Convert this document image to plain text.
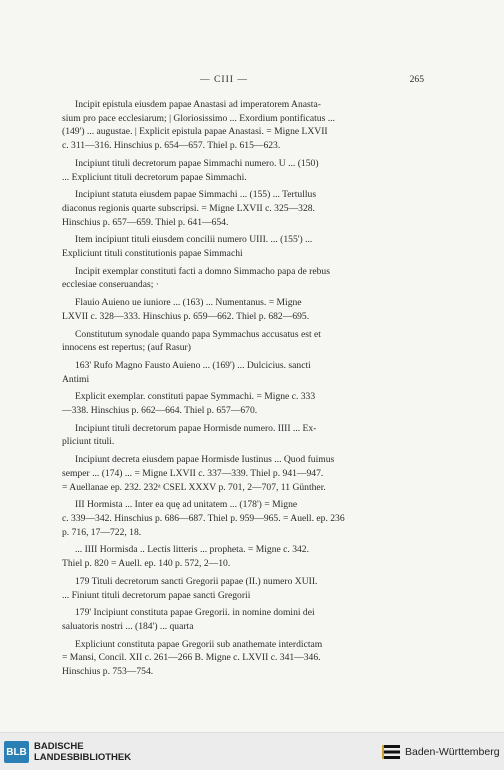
— CIII —	265

Incipit epistula eiusdem papae Anastasi ad imperatorem Anasta-
sium pro pace ecclesiarum; | Gloriosissimo ... Exordium pontificatus ...
(149') ... augustae. | Explicit epistula papae Anastasi. = Migne LXVII
c. 311—316. Hinschius p. 654—657. Thiel p. 615—623.

Incipiunt tituli decretorum papae Simmachi numero. U ... (150)
... Expliciunt tituli decretorum papae Simmachi.

Incipiunt statuta eiusdem papae Simmachi ... (155) ... Tertullus
diaconus regionis quarte subscripsi. = Migne LXVII c. 325—328.
Hinschius p. 657—659. Thiel p. 641—654.

Item incipiunt tituli eiusdem concilii numero UIII. ... (155') ...
Expliciunt tituli constitutionis papae Simmachi

Incipit exemplar constituti facti a domno Simmacho papa de rebus
ecclesiae conseruandas; ·

Flauio Auieno ue iuniore ... (163) ... Numentanus. = Migne
LXVII c. 328—333. Hinschius p. 659—662. Thiel p. 682—695.

Constitutum synodale quando papa Symmachus accusatus est et
innocens est repertus; (auf Rasur)

163' Rufo Magno Fausto Auieno ... (169') ... Dulcicius. sancti
Antimi

Explicit exemplar. constituti papae Symmachi. = Migne c. 333
—338. Hinschius p. 662—664. Thiel p. 657—670.

Incipiunt tituli decretorum papae Hormisde numero. IIII ... Ex-
pliciunt tituli.

Incipiunt decreta eiusdem papae Hormisde Iustinus ... Quod fuimus
semper ... (174) ... = Migne LXVII c. 337—339. Thiel p. 941—947.
= Auellanae ep. 232. 232ᵃ CSEL XXXV p. 701, 2—707, 11 Günther.

III Hormista ... Inter ea quę ad unitatem ... (178') = Migne
c. 339—342. Hinschius p. 686—687. Thiel p. 959—965. = Auell. ep. 236
p. 716, 17—722, 18.

... IIII Hormisda .. Lectis litteris ... propheta. = Migne c. 342.
Thiel p. 820 = Auell. ep. 140 p. 572, 2—10.

179 Tituli decretorum sancti Gregorii papae (II.) numero XUII.
... Finiunt tituli decretorum papae sancti Gregorii

179' Incipiunt constituta papae Gregorii. in nomine domini dei
saluatoris nostri ... (184') ... quarta

Expliciunt constituta papae Gregorii sub anathemate interdictam
= Mansi, Concil. XII c. 261—266 B. Migne c. LXVII c. 341—346.
Hinschius p. 753—754.

BLB BADISCHE
LANDESBIBLIOTHEK	Baden-Württemberg
